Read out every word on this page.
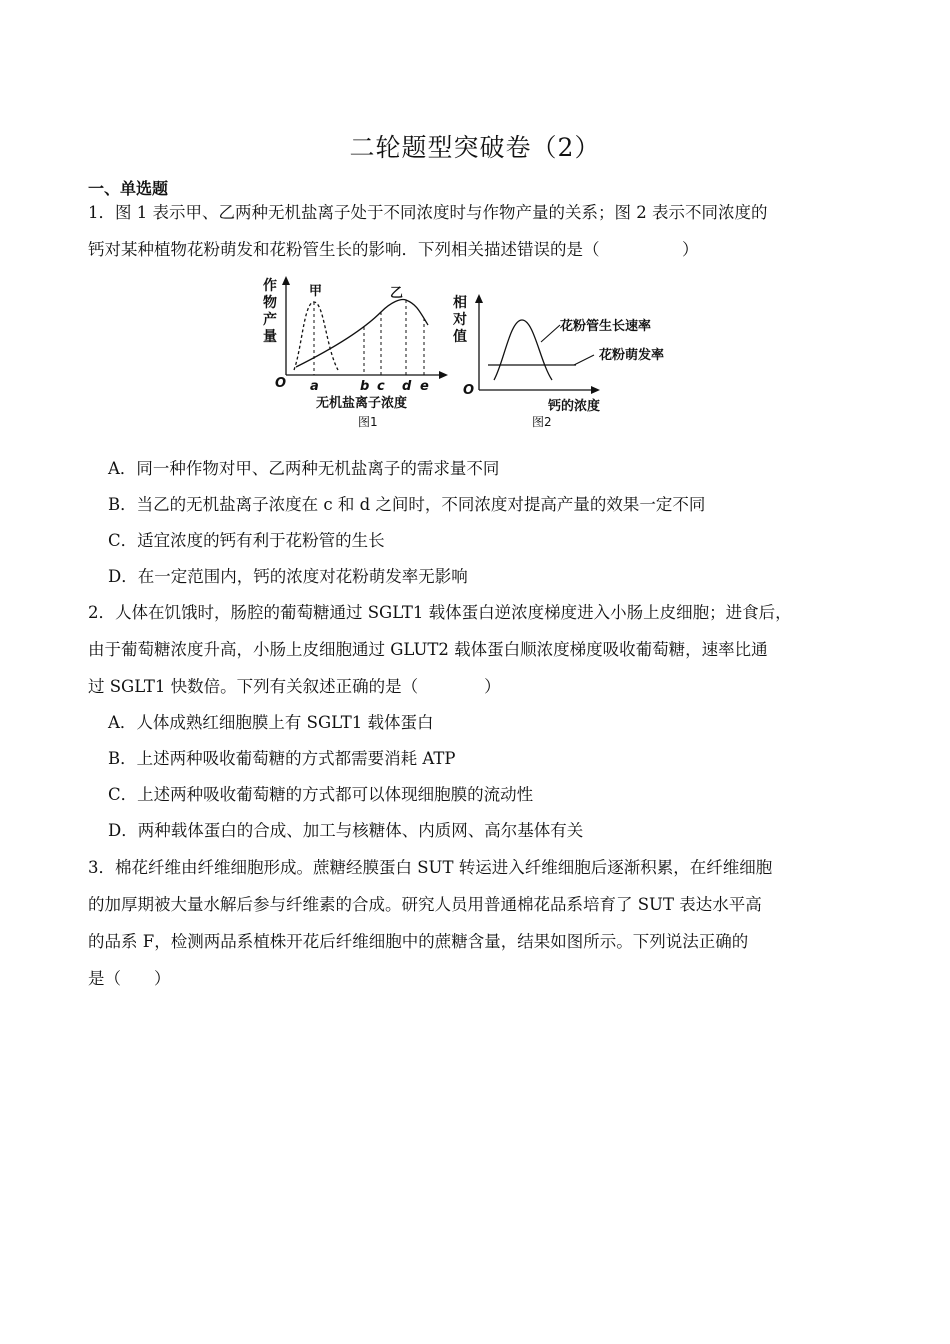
二轮题型突破卷（2）
一、单选题
1．图 1 表示甲、乙两种无机盐离子处于不同浓度时与作物产量的关系；图 2 表示不同浓度的
钙对某种植物花粉萌发和花粉管生长的影响．下列相关描述错误的是（　　　　　）
作
物
产
量
甲	乙
无机盐离子浓度
O a	b c d e
图1
相
对
值
花粉管生长速率
花粉萌发率
钙的浓度
O
图2
A．同一种作物对甲、乙两种无机盐离子的需求量不同
B．当乙的无机盐离子浓度在 c 和 d 之间时，不同浓度对提高产量的效果一定不同
C．适宜浓度的钙有利于花粉管的生长
D．在一定范围内，钙的浓度对花粉萌发率无影响
2．人体在饥饿时，肠腔的葡萄糖通过 SGLT1 载体蛋白逆浓度梯度进入小肠上皮细胞；进食后，
由于葡萄糖浓度升高，小肠上皮细胞通过 GLUT2 载体蛋白顺浓度梯度吸收葡萄糖，速率比通
过 SGLT1 快数倍。下列有关叙述正确的是（　　　　）
A．人体成熟红细胞膜上有 SGLT1 载体蛋白
B．上述两种吸收葡萄糖的方式都需要消耗 ATP
C．上述两种吸收葡萄糖的方式都可以体现细胞膜的流动性
D．两种载体蛋白的合成、加工与核糖体、内质网、高尔基体有关
3．棉花纤维由纤维细胞形成。蔗糖经膜蛋白 SUT 转运进入纤维细胞后逐渐积累，在纤维细胞
的加厚期被大量水解后参与纤维素的合成。研究人员用普通棉花品系培育了 SUT 表达水平高
的品系 F，检测两品系植株开花后纤维细胞中的蔗糖含量，结果如图所示。下列说法正确的
是（　　）
